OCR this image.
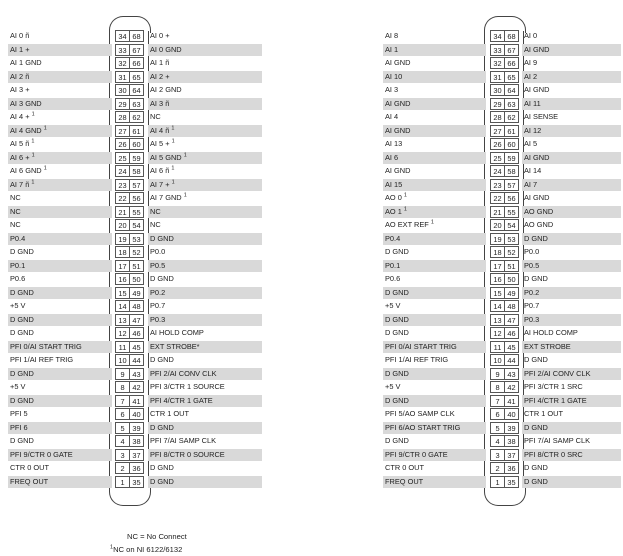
AI 0 ñ	34 68	AI 0 +
AI 1 +	33 67	AI 0 GND
AI 1 GND	32 66	AI 1 ñ
AI 2 ñ	31 65	AI 2 +
AI 3 +	30 64	AI 2 GND
AI 3 GND	29 63	AI 3 ñ
AI 4 + $^1$	28 62	NC
AI 4 GND $^1$	27 61	AI 4 ñ $^1$
AI 5 ñ $^1$	26 60	AI 5 + $^1$
AI 6 + $^1$	25 59	AI 5 GND $^1$
AI 6 GND $^1$	24 58	AI 6 ñ $^1$
AI 7 ñ $^1$	23 57	AI 7 + $^1$
NC	22 56	AI 7 GND $^1$
NC	21 55	NC
NC	20 54	NC
P0.4	19 53	D GND
D GND	18 52	P0.0
P0.1	17 51	P0.5
P0.6	16 50	D GND
D GND	15 49	P0.2
+5 V	14 48	P0.7
D GND	13 47	P0.3
D GND	12 46	AI HOLD COMP
PFI 0/AI START TRIG	11 45	EXT STROBE*
PFI 1/AI REF TRIG	10 44	D GND
D GND	9	43	PFI 2/AI CONV CLK
+5 V	8	42	PFI 3/CTR 1 SOURCE
D GND	7	41	PFI 4/CTR 1 GATE
PFI 5	6	40	CTR 1 OUT
PFI 6	5	39	D GND
D GND	4	38	PFI 7/AI SAMP CLK
PFI 9/CTR 0 GATE	3	37	PFI 8/CTR 0 SOURCE
CTR 0 OUT	2	36	D GND
FREQ OUT	1	35	D GND
AI 8	34 68	AI 0
AI 1	33 67	AI GND
AI GND	32 66	AI 9
AI 10	31 65	AI 2
AI 3	30 64	AI GND
AI GND	29 63	AI 11
AI 4	28 62	AI SENSE
AI GND	27 61	AI 12
AI 13	26 60	AI 5
AI 6	25 59	AI GND
AI GND	24 58	AI 14
AI 15	23 57	AI 7
AO 0 $^1$	22 56	AI GND
AO 1 $^1$	21 55	AO GND
AO EXT REF $^1$	20 54	AO GND
P0.4	19 53	D GND
D GND	18 52	P0.0
P0.1	17 51	P0.5
P0.6	16 50	D GND
D GND	15 49	P0.2
+5 V	14 48	P0.7
D GND	13 47	P0.3
D GND	12 46	AI HOLD COMP
PFI 0/AI START TRIG	11 45	EXT STROBE
PFI 1/AI REF TRIG	10 44	D GND
D GND	9	43	PFI 2/AI CONV CLK
+5 V	8	42	PFI 3/CTR 1 SRC
D GND	7	41	PFI 4/CTR 1 GATE
PFI 5/AO SAMP CLK	6	40	CTR 1 OUT
PFI 6/AO START TRIG	5	39	D GND
D GND	4	38	PFI 7/AI SAMP CLK
PFI 9/CTR 0 GATE	3	37	PFI 8/CTR 0 SRC
CTR 0 OUT	2	36	D GND
FREQ OUT	1	35	D GND
NC = No Connect
$^1$NC on NI 6122/6132
